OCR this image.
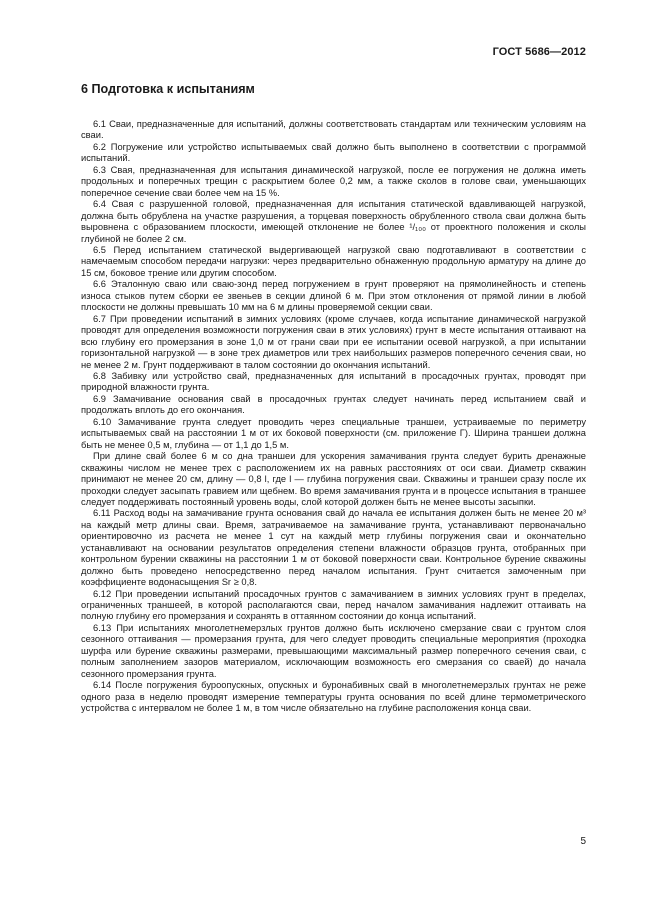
ГОСТ 5686—2012
6 Подготовка к испытаниям

6.1 Сваи, предназначенные для испытаний, должны соответствовать стандартам или техническим условиям на сваи.

6.2 Погружение или устройство испытываемых свай должно быть выполнено в соответствии с программой испытаний.

6.3 Свая, предназначенная для испытания динамической нагрузкой, после ее погружения не должна иметь продольных и поперечных трещин с раскрытием более 0,2 мм, а также сколов в голове сваи, уменьшающих поперечное сечение сваи более чем на 15 %.

6.4 Свая с разрушенной головой, предназначенная для испытания статической вдавливающей нагрузкой, должна быть обрублена на участке разрушения, а торцевая поверхность обрубленного ствола сваи должна быть выровнена с образованием плоскости, имеющей отклонение не более ¹/₁₀₀ от проектного положения и сколы глубиной не более 2 см.

6.5 Перед испытанием статической выдергивающей нагрузкой сваю подготавливают в соответствии с намечаемым способом передачи нагрузки: через предварительно обнаженную продольную арматуру на длине до 15 см, боковое трение или другим способом.

6.6 Эталонную сваю или сваю-зонд перед погружением в грунт проверяют на прямолинейность и степень износа стыков путем сборки ее звеньев в секции длиной 6 м. При этом отклонения от прямой линии в любой плоскости не должны превышать 10 мм на 6 м длины проверяемой секции сваи.

6.7 При проведении испытаний в зимних условиях (кроме случаев, когда испытание динамической нагрузкой проводят для определения возможности погружения сваи в этих условиях) грунт в месте испытания оттаивают на всю глубину его промерзания в зоне 1,0 м от грани сваи при ее испытании осевой нагрузкой, а при испытании горизонтальной нагрузкой — в зоне трех диаметров или трех наибольших размеров поперечного сечения сваи, но не менее 2 м. Грунт поддерживают в талом состоянии до окончания испытаний.

6.8 Забивку или устройство свай, предназначенных для испытаний в просадочных грунтах, проводят при природной влажности грунта.

6.9 Замачивание основания свай в просадочных грунтах следует начинать перед испытанием свай и продолжать вплоть до его окончания.

6.10 Замачивание грунта следует проводить через специальные траншеи, устраиваемые по периметру испытываемых свай на расстоянии 1 м от их боковой поверхности (см. приложение Г). Ширина траншеи должна быть не менее 0,5 м, глубина — от 1,1 до 1,5 м.

При длине свай более 6 м со дна траншеи для ускорения замачивания грунта следует бурить дренажные скважины числом не менее трех с расположением их на равных расстояниях от оси сваи. Диаметр скважин принимают не менее 20 см, длину — 0,8 l, где l — глубина погружения сваи. Скважины и траншеи сразу после их проходки следует засыпать гравием или щебнем. Во время замачивания грунта и в процессе испытания в траншее следует поддерживать постоянный уровень воды, слой которой должен быть не менее высоты засыпки.

6.11 Расход воды на замачивание грунта основания свай до начала ее испытания должен быть не менее 20 м³ на каждый метр длины сваи. Время, затрачиваемое на замачивание грунта, устанавливают первоначально ориентировочно из расчета не менее 1 сут на каждый метр глубины погружения сваи и окончательно устанавливают на основании результатов определения степени влажности образцов грунта, отобранных при контрольном бурении скважины на расстоянии 1 м от боковой поверхности сваи. Контрольное бурение скважины должно быть проведено непосредственно перед началом испытания. Грунт считается замоченным при коэффициенте водонасыщения Sr ≥ 0,8.

6.12 При проведении испытаний просадочных грунтов с замачиванием в зимних условиях грунт в пределах, ограниченных траншеей, в которой располагаются сваи, перед началом замачивания надлежит оттаивать на полную глубину его промерзания и сохранять в оттаянном состоянии до конца испытаний.

6.13 При испытаниях многолетнемерзлых грунтов должно быть исключено смерзание сваи с грунтом слоя сезонного оттаивания — промерзания грунта, для чего следует проводить специальные мероприятия (проходка шурфа или бурение скважины размерами, превышающими максимальный размер поперечного сечения сваи, с полным заполнением зазоров материалом, исключающим возможность его смерзания со сваей) до начала сезонного промерзания грунта.

6.14 После погружения буроопускных, опускных и буронабивных свай в многолетнемерзлых грунтах не реже одного раза в неделю проводят измерение температуры грунта основания по всей длине термометрического устройства с интервалом не более 1 м, в том числе обязательно на глубине расположения конца сваи.

5
